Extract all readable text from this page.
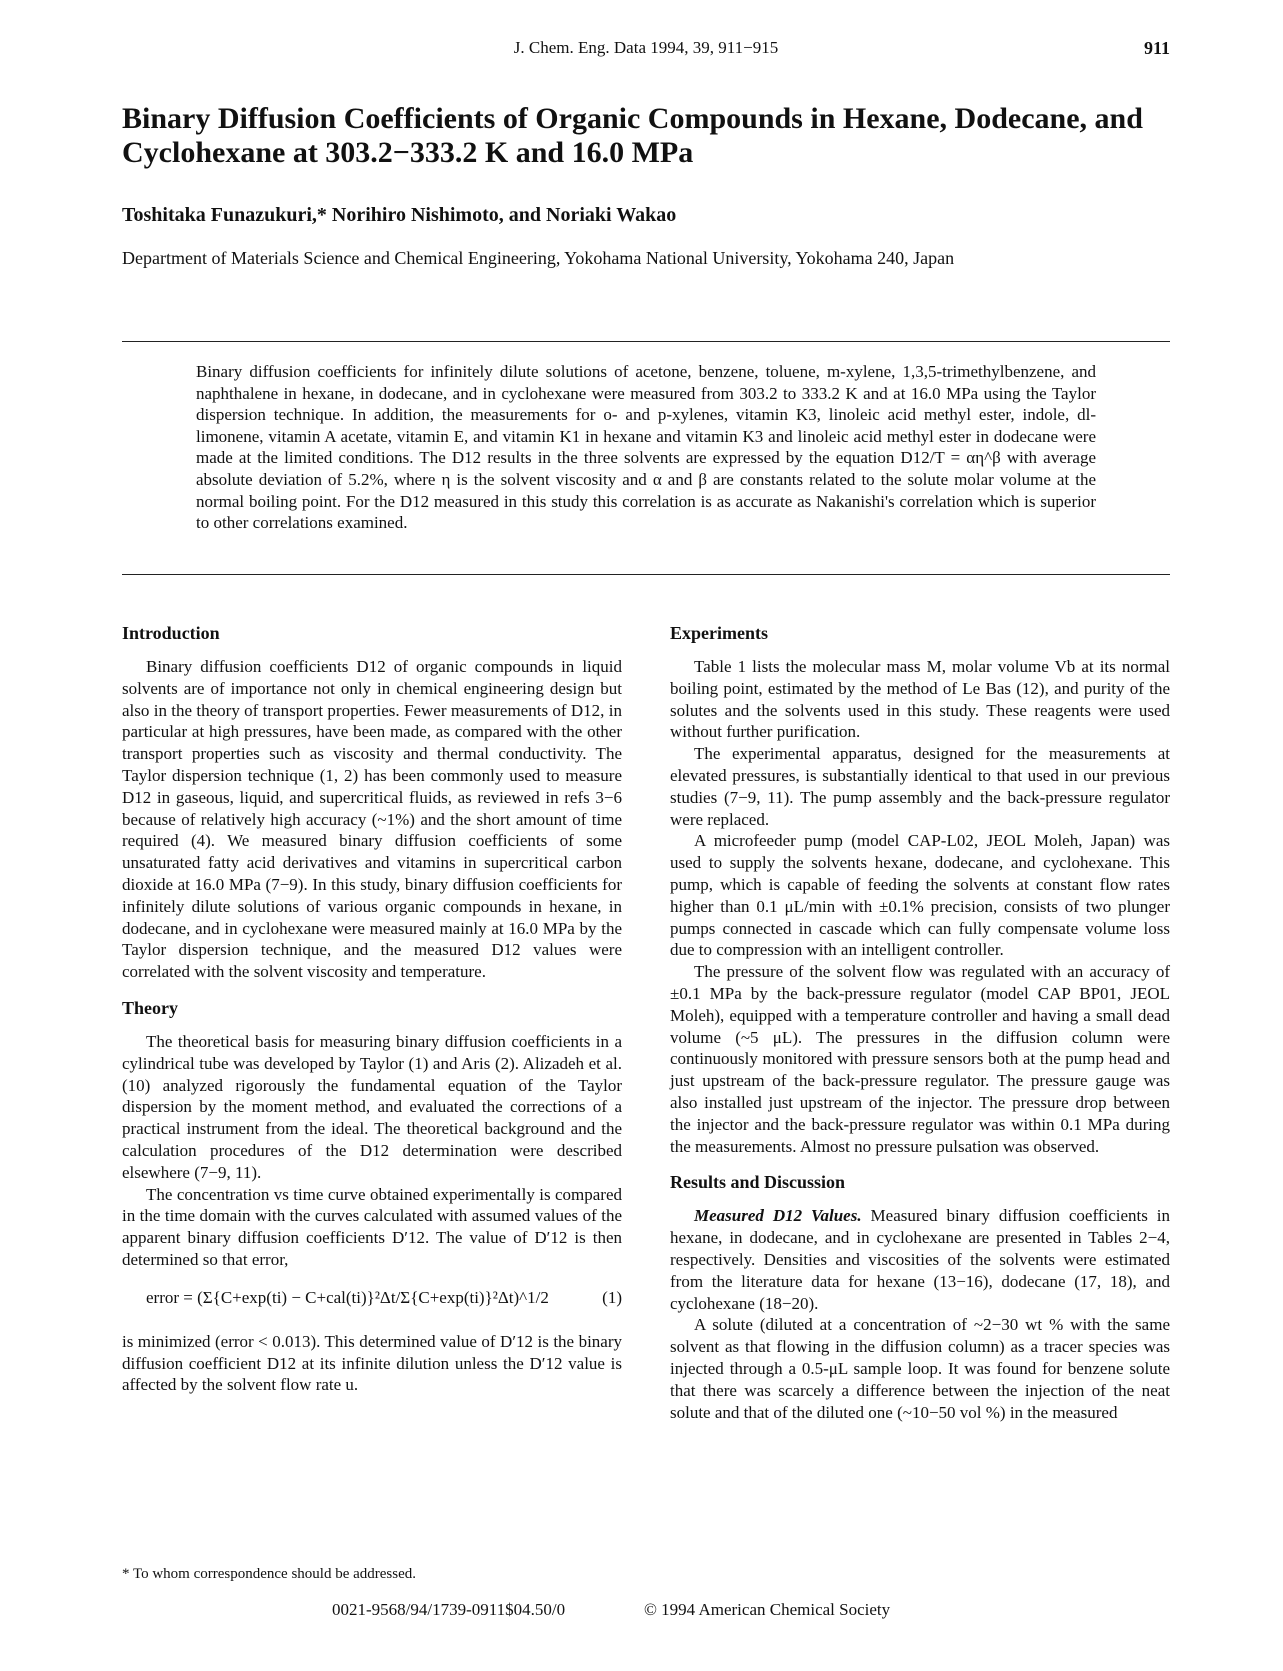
J. Chem. Eng. Data 1994, 39, 911−915	911
Binary Diffusion Coefficients of Organic Compounds in Hexane, Dodecane, and Cyclohexane at 303.2−333.2 K and 16.0 MPa
Toshitaka Funazukuri,* Norihiro Nishimoto, and Noriaki Wakao
Department of Materials Science and Chemical Engineering, Yokohama National University, Yokohama 240, Japan

Binary diffusion coefficients for infinitely dilute solutions of acetone, benzene, toluene, m-xylene, 1,3,5-trimethylbenzene, and naphthalene in hexane, in dodecane, and in cyclohexane were measured from 303.2 to 333.2 K and at 16.0 MPa using the Taylor dispersion technique. In addition, the measurements for o- and p-xylenes, vitamin K3, linoleic acid methyl ester, indole, dl-limonene, vitamin A acetate, vitamin E, and vitamin K1 in hexane and vitamin K3 and linoleic acid methyl ester in dodecane were made at the limited conditions. The D12 results in the three solvents are expressed by the equation D12/T = αη^β with average absolute deviation of 5.2%, where η is the solvent viscosity and α and β are constants related to the solute molar volume at the normal boiling point. For the D12 measured in this study this correlation is as accurate as Nakanishi's correlation which is superior to other correlations examined.

Introduction

Binary diffusion coefficients D12 of organic compounds in liquid solvents are of importance not only in chemical engineering design but also in the theory of transport properties. Fewer measurements of D12, in particular at high pressures, have been made, as compared with the other transport properties such as viscosity and thermal conductivity. The Taylor dispersion technique (1, 2) has been commonly used to measure D12 in gaseous, liquid, and supercritical fluids, as reviewed in refs 3−6 because of relatively high accuracy (~1%) and the short amount of time required (4). We measured binary diffusion coefficients of some unsaturated fatty acid derivatives and vitamins in supercritical carbon dioxide at 16.0 MPa (7−9). In this study, binary diffusion coefficients for infinitely dilute solutions of various organic compounds in hexane, in dodecane, and in cyclohexane were measured mainly at 16.0 MPa by the Taylor dispersion technique, and the measured D12 values were correlated with the solvent viscosity and temperature.

Theory

The theoretical basis for measuring binary diffusion coefficients in a cylindrical tube was developed by Taylor (1) and Aris (2). Alizadeh et al. (10) analyzed rigorously the fundamental equation of the Taylor dispersion by the moment method, and evaluated the corrections of a practical instrument from the ideal. The theoretical background and the calculation procedures of the D12 determination were described elsewhere (7−9, 11).

The concentration vs time curve obtained experimentally is compared in the time domain with the curves calculated with assumed values of the apparent binary diffusion coefficients D′12. The value of D′12 is then determined so that error,

error = (Σ{C+exp(ti) − C+cal(ti)}²Δt/Σ{C+exp(ti)}²Δt)^1/2	(1)

is minimized (error < 0.013). This determined value of D′12 is the binary diffusion coefficient D12 at its infinite dilution unless the D′12 value is affected by the solvent flow rate u.

Experiments

Table 1 lists the molecular mass M, molar volume Vb at its normal boiling point, estimated by the method of Le Bas (12), and purity of the solutes and the solvents used in this study. These reagents were used without further purification.

The experimental apparatus, designed for the measurements at elevated pressures, is substantially identical to that used in our previous studies (7−9, 11). The pump assembly and the back-pressure regulator were replaced.

A microfeeder pump (model CAP-L02, JEOL Moleh, Japan) was used to supply the solvents hexane, dodecane, and cyclohexane. This pump, which is capable of feeding the solvents at constant flow rates higher than 0.1 μL/min with ±0.1% precision, consists of two plunger pumps connected in cascade which can fully compensate volume loss due to compression with an intelligent controller.

The pressure of the solvent flow was regulated with an accuracy of ±0.1 MPa by the back-pressure regulator (model CAP BP01, JEOL Moleh), equipped with a temperature controller and having a small dead volume (~5 μL). The pressures in the diffusion column were continuously monitored with pressure sensors both at the pump head and just upstream of the back-pressure regulator. The pressure gauge was also installed just upstream of the injector. The pressure drop between the injector and the back-pressure regulator was within 0.1 MPa during the measurements. Almost no pressure pulsation was observed.

Results and Discussion

Measured D12 Values. Measured binary diffusion coefficients in hexane, in dodecane, and in cyclohexane are presented in Tables 2−4, respectively. Densities and viscosities of the solvents were estimated from the literature data for hexane (13−16), dodecane (17, 18), and cyclohexane (18−20).

A solute (diluted at a concentration of ~2−30 wt % with the same solvent as that flowing in the diffusion column) as a tracer species was injected through a 0.5-μL sample loop. It was found for benzene solute that there was scarcely a difference between the injection of the neat solute and that of the diluted one (~10−50 vol %) in the measured

* To whom correspondence should be addressed.
0021-9568/94/1739-0911$04.50/0	© 1994 American Chemical Society
